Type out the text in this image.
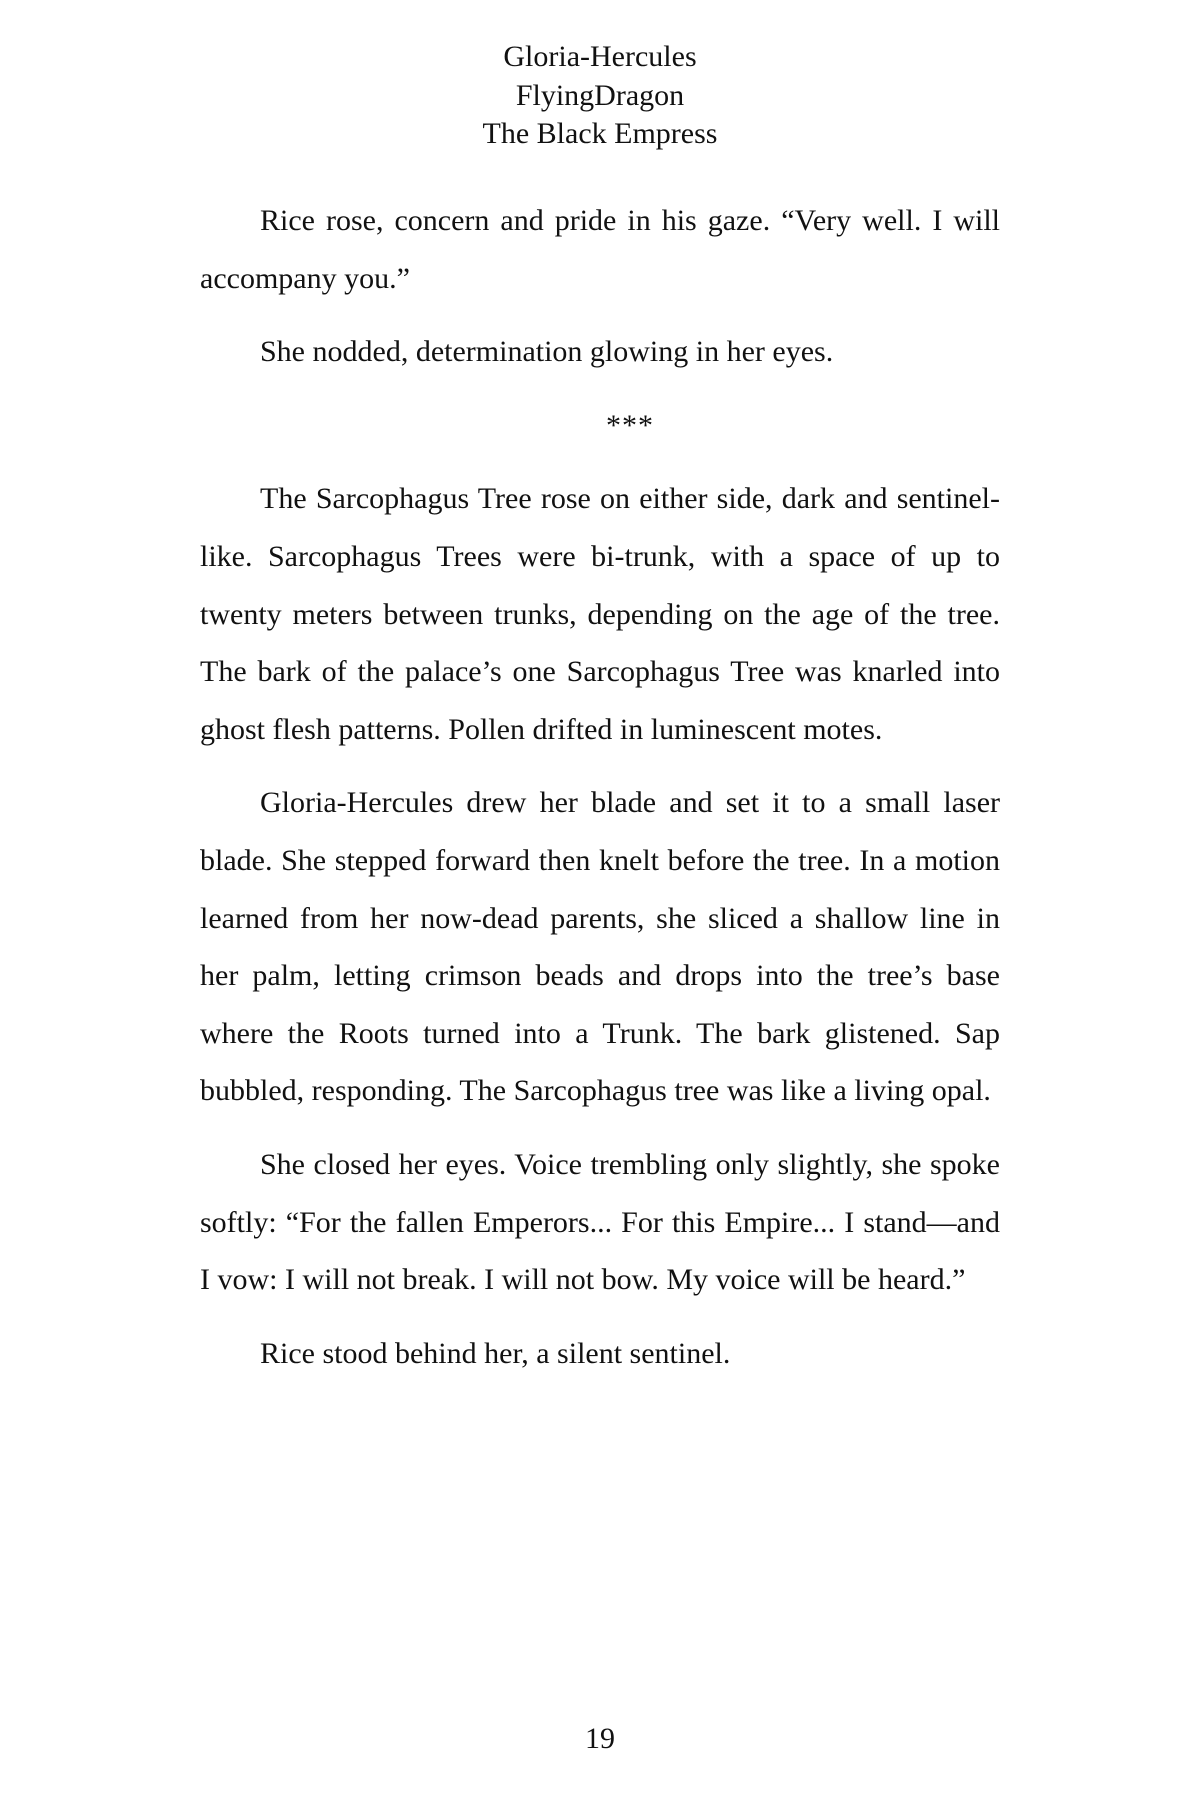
Gloria-Hercules
FlyingDragon
The Black Empress

Rice rose, concern and pride in his gaze. “Very well. I will accompany you.”

She nodded, determination glowing in her eyes.

***

The Sarcophagus Tree rose on either side, dark and sentinel-like. Sarcophagus Trees were bi-trunk, with a space of up to twenty meters between trunks, depending on the age of the tree. The bark of the palace’s one Sarcophagus Tree was knarled into ghost flesh patterns. Pollen drifted in luminescent motes.

Gloria-Hercules drew her blade and set it to a small laser blade. She stepped forward then knelt before the tree. In a motion learned from her now-dead parents, she sliced a shallow line in her palm, letting crimson beads and drops into the tree’s base where the Roots turned into a Trunk. The bark glistened. Sap bubbled, responding. The Sarcophagus tree was like a living opal.

She closed her eyes. Voice trembling only slightly, she spoke softly: “For the fallen Emperors... For this Empire... I stand—and I vow: I will not break. I will not bow. My voice will be heard.”

Rice stood behind her, a silent sentinel.

19
